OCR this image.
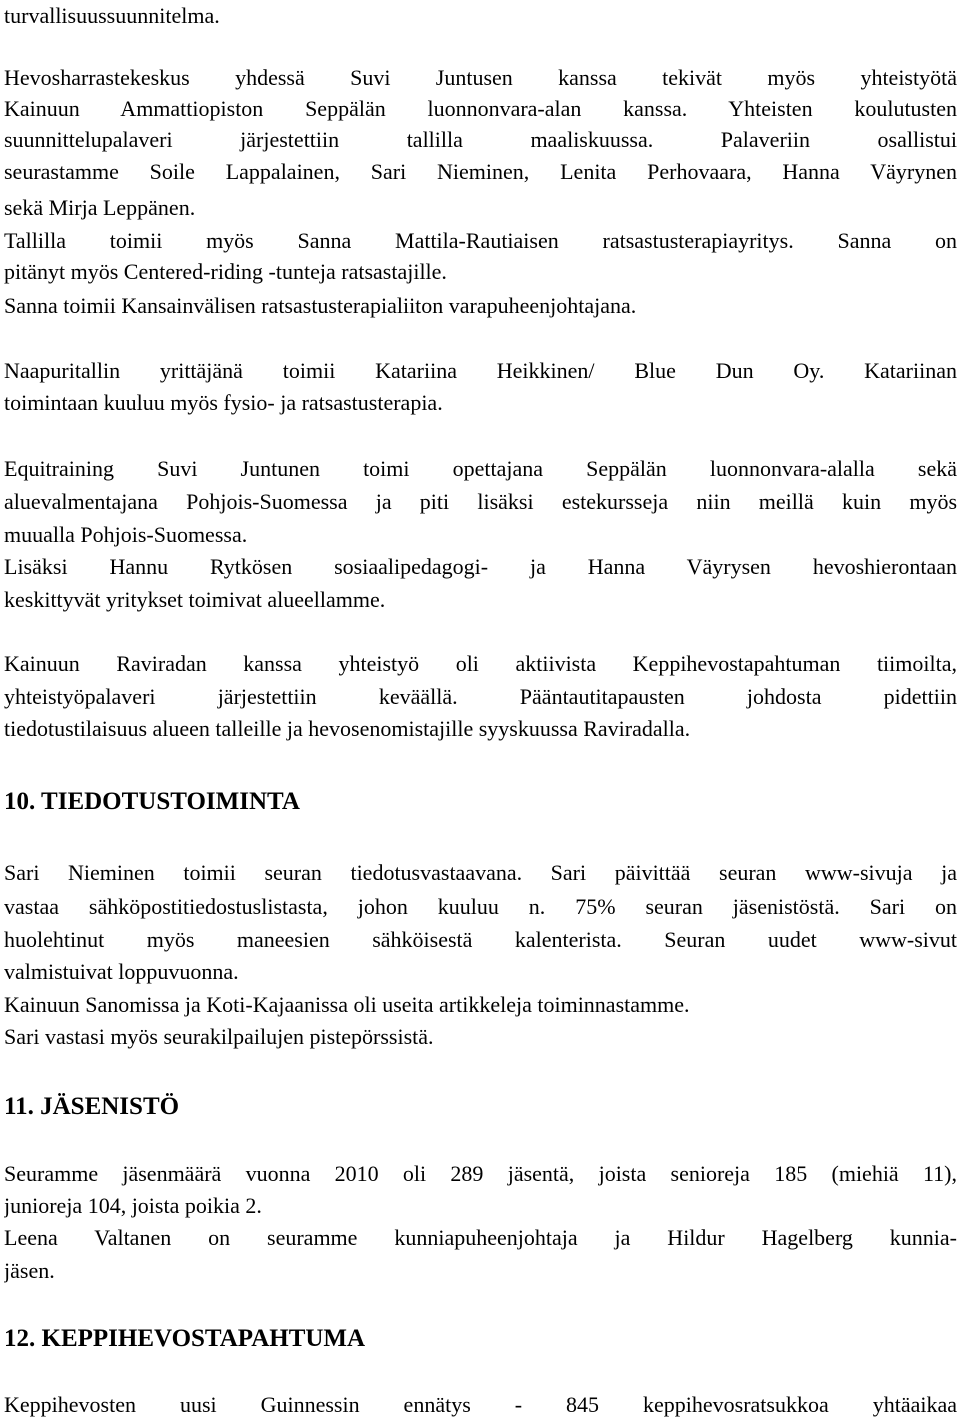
turvallisuussuunnitelma.
Hevosharrastekeskus yhdessä Suvi Juntusen kanssa tekivät myös yhteistyötä
Kainuun Ammattiopiston Seppälän luonnonvara-alan kanssa. Yhteisten koulutusten
suunnittelupalaveri järjestettiin tallilla maaliskuussa. Palaveriin osallistui
seurastamme Soile Lappalainen, Sari Nieminen, Lenita Perhovaara, Hanna Väyrynen
sekä Mirja Leppänen.
Tallilla toimii myös Sanna Mattila-Rautiaisen ratsastusterapiayritys. Sanna on
pitänyt myös Centered-riding -tunteja ratsastajille.
Sanna toimii Kansainvälisen ratsastusterapialiiton varapuheenjohtajana.
Naapuritallin yrittäjänä toimii Katariina Heikkinen/ Blue Dun Oy. Katariinan
toimintaan kuuluu myös fysio- ja ratsastusterapia.
Equitraining Suvi Juntunen toimi opettajana Seppälän luonnonvara-alalla sekä
aluevalmentajana Pohjois-Suomessa ja piti lisäksi estekursseja niin meillä kuin myös
muualla Pohjois-Suomessa.
Lisäksi Hannu Rytkösen sosiaalipedagogi- ja Hanna Väyrysen hevoshierontaan
keskittyvät yritykset toimivat alueellamme.
Kainuun Raviradan kanssa yhteistyö oli aktiivista Keppihevostapahtuman tiimoilta,
yhteistyöpalaveri järjestettiin keväällä. Pääntautitapausten johdosta pidettiin
tiedotustilaisuus alueen talleille ja hevosenomistajille syyskuussa Raviradalla.
10. TIEDOTUSTOIMINTA
Sari Nieminen toimii seuran tiedotusvastaavana. Sari päivittää seuran www-sivuja ja
vastaa sähköpostitiedostuslistasta, johon kuuluu n. 75% seuran jäsenistöstä. Sari on
huolehtinut myös maneesien sähköisestä kalenterista. Seuran uudet www-sivut
valmistuivat loppuvuonna.
Kainuun Sanomissa ja Koti-Kajaanissa oli useita artikkeleja toiminnastamme.
Sari vastasi myös seurakilpailujen pistepörssistä.
11. JÄSENISTÖ
Seuramme jäsenmäärä vuonna 2010 oli 289 jäsentä, joista senioreja 185 (miehiä 11),
junioreja 104, joista poikia 2.
Leena Valtanen on seuramme kunniapuheenjohtaja ja Hildur Hagelberg kunnia-
jäsen.
12. KEPPIHEVOSTAPAHTUMA
Keppihevosten uusi Guinnessin ennätys - 845 keppihevosratsukkoa yhtäaikaa
